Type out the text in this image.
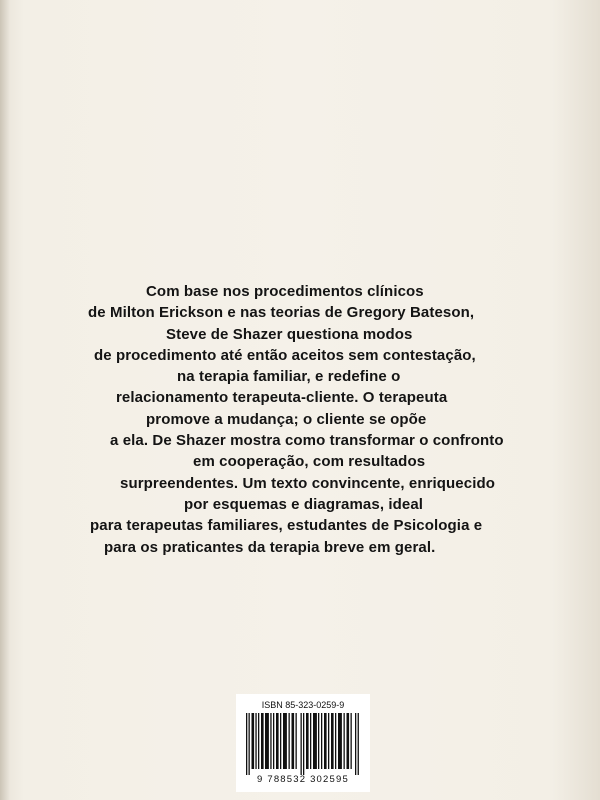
Com base nos procedimentos clínicos
de Milton Erickson e nas teorias de Gregory Bateson,
Steve de Shazer questiona modos
de procedimento até então aceitos sem contestação,
na terapia familiar, e redefine o
relacionamento terapeuta-cliente. O terapeuta
promove a mudança; o cliente se opõe
a ela. De Shazer mostra como transformar o confronto
em cooperação, com resultados
surpreendentes. Um texto convincente, enriquecido
por esquemas e diagramas, ideal
para terapeutas familiares, estudantes de Psicologia e
para os praticantes da terapia breve em geral.
ISBN 85-323-0259-9
9 788532 302595
